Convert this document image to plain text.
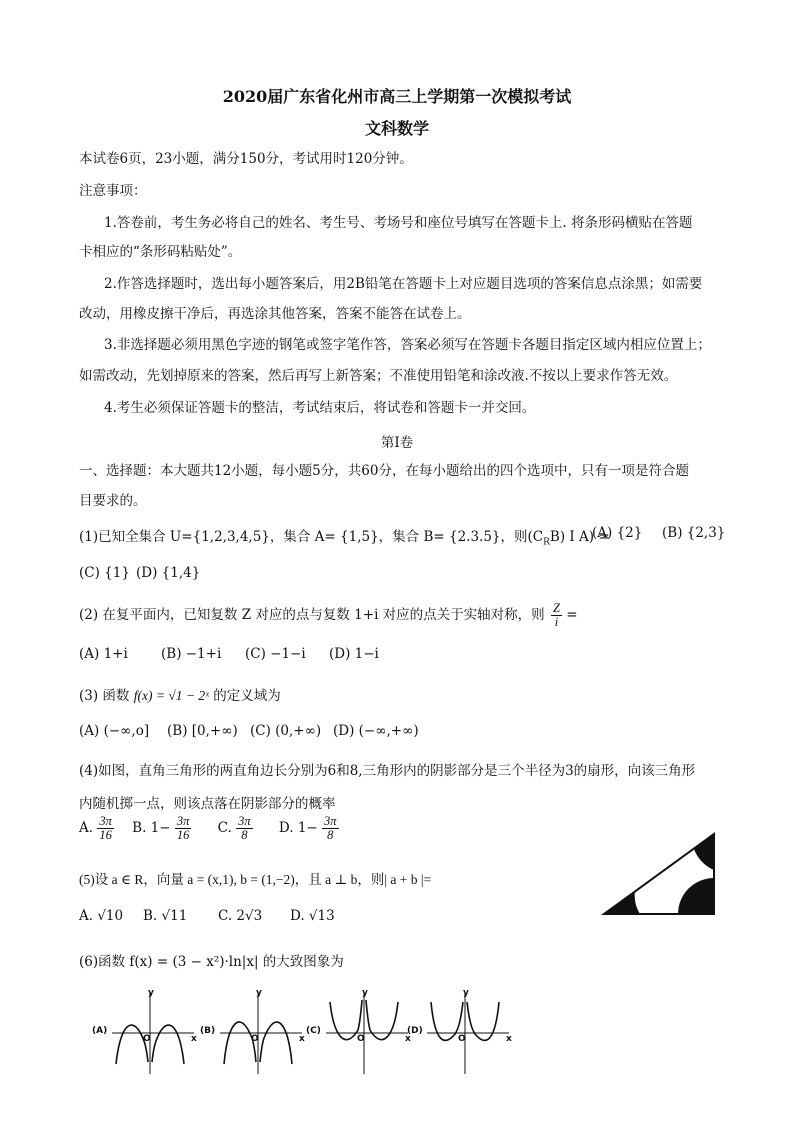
2020届广东省化州市高三上学期第一次模拟考试
文科数学
本试卷6页，23小题，满分150分，考试用时120分钟。
注意事项：
1.答卷前，考生务必将自己的姓名、考生号、考场号和座位号填写在答题卡上. 将条形码横贴在答题
卡相应的“条形码粘贴处”。
2.作答选择题时，选出每小题答案后，用2B铅笔在答题卡上对应题目选项的答案信息点涂黑；如需要
改动，用橡皮擦干净后，再选涂其他答案，答案不能答在试卷上。
3.非选择题必须用黑色字迹的钢笔或签字笔作答，答案必须写在答题卡各题目指定区域内相应位置上；
如需改动，先划掉原来的答案，然后再写上新答案；不准使用铅笔和涂改液.不按以上要求作答无效。
4.考生必须保证答题卡的整洁，考试结束后，将试卷和答题卡一并交回。
第Ⅰ卷
一、选择题：本大题共12小题，每小题5分，共60分，在每小题给出的四个选项中，只有一项是符合题
目要求的。
(1)已知全集合 U={1,2,3,4,5}，集合 A= {1,5}，集合 B= {2.3.5}，则$(C_RB)$ I A) =
(A) {2} (B) {2,3}
(C) {1} (D) {1,4}
(2) 在复平面内，已知复数 Z 对应的点与复数 1+i 对应的点关于实轴对称，则 $\frac{Z}{i}$ =
(A) 1+i (B) −1+i (C) −1−i (D) 1−i
(3) 函数 f(x) = √1 − 2ˣ 的定义域为
(A) (−∞,o] (B) [0,+∞) (C) (0,+∞) (D) (−∞,+∞)
(4)如图，直角三角形的两直角边长分别为6和8,三角形内的阴影部分是三个半径为3的扇形，向该三角形
内随机掷一点，则该点落在阴影部分的概率
A. $\frac{3\pi}{16} B$. $1- \frac{3\pi}{16} C$. $\frac{3\pi}{8} D$. $1- \frac{3\pi}{8}$
(5)设 a ∈ R，向量 a = (x,1), b = (1,−2)，且 a ⊥ b，则| a + b |=
A. √10 B. √11 C. 2√3 D. √13
(6)函数 f(x) = (3 − x²)·ln|x| 的大致图象为
(A)
y
x
O
(B)
y
x
O
(C)
y
x
O
(D)
y
x
O
